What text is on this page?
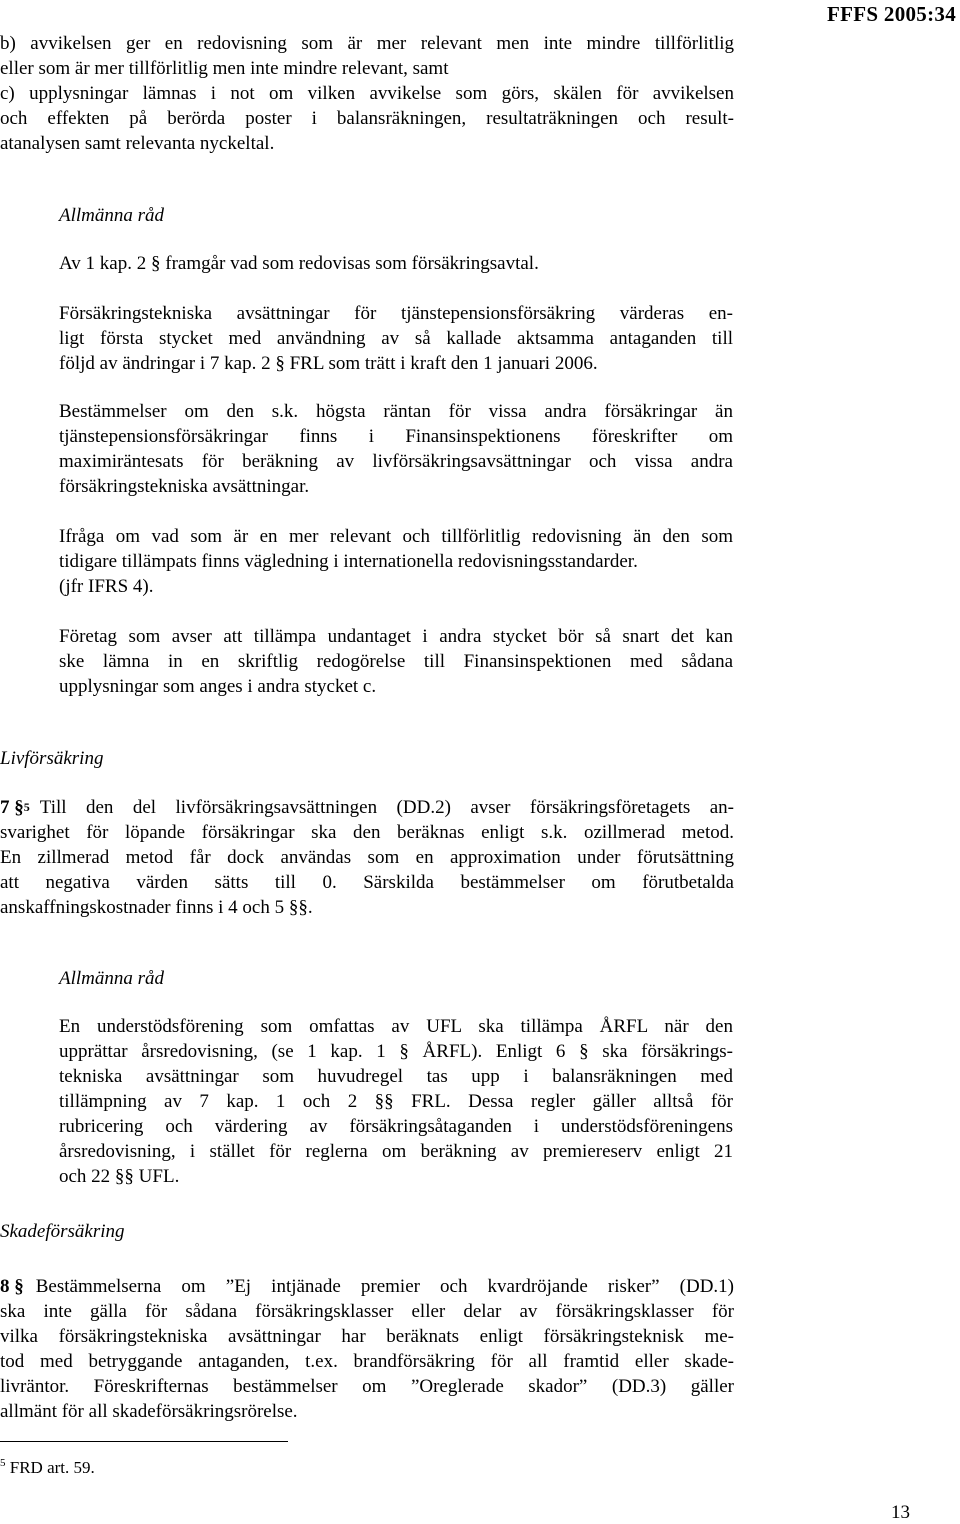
FFFS 2005:34
b) avvikelsen ger en redovisning som är mer relevant men inte mindre tillförlitlig
eller som är mer tillförlitlig men inte mindre relevant, samt
c) upplysningar lämnas i not om vilken avvikelse som görs, skälen för avvikelsen
och effekten på berörda poster i balansräkningen, resultaträkningen och result-
atanalysen samt relevanta nyckeltal.
Allmänna råd
Av 1 kap. 2 § framgår vad som redovisas som försäkringsavtal.
Försäkringstekniska avsättningar för tjänstepensionsförsäkring värderas en-
ligt första stycket med användning av så kallade aktsamma antaganden till
följd av ändringar i 7 kap. 2 § FRL som trätt i kraft den 1 januari 2006.
Bestämmelser om den s.k. högsta räntan för vissa andra försäkringar än
tjänstepensionsförsäkringar finns i Finansinspektionens föreskrifter om
maximiräntesats för beräkning av livförsäkringsavsättningar och vissa andra
försäkringstekniska avsättningar.
Ifråga om vad som är en mer relevant och tillförlitlig redovisning än den som
tidigare tillämpats finns vägledning i internationella redovisningsstandarder.
(jfr IFRS 4).
Företag som avser att tillämpa undantaget i andra stycket bör så snart det kan
ske lämna in en skriftlig redogörelse till Finansinspektionen med sådana
upplysningar som anges i andra stycket c.
Livförsäkring
7 § 5 Till den del livförsäkringsavsättningen (DD.2) avser försäkringsföretagets an-
svarighet för löpande försäkringar ska den beräknas enligt s.k. ozillmerad metod.
En zillmerad metod får dock användas som en approximation under förutsättning
att negativa värden sätts till 0. Särskilda bestämmelser om förutbetalda
anskaffningskostnader finns i 4 och 5 §§.
Allmänna råd
En understödsförening som omfattas av UFL ska tillämpa ÅRFL när den
upprättar årsredovisning, (se 1 kap. 1 § ÅRFL). Enligt 6 § ska försäkrings-
tekniska avsättningar som huvudregel tas upp i balansräkningen med
tillämpning av 7 kap. 1 och 2 §§ FRL. Dessa regler gäller alltså för
rubricering och värdering av försäkringsåtaganden i understödsföreningens
årsredovisning, i stället för reglerna om beräkning av premiereserv enligt 21
och 22 §§ UFL.
Skadeförsäkring
8 § Bestämmelserna om ”Ej intjänade premier och kvardröjande risker” (DD.1)
ska inte gälla för sådana försäkringsklasser eller delar av försäkringsklasser för
vilka försäkringstekniska avsättningar har beräknats enligt försäkringsteknisk me-
tod med betryggande antaganden, t.ex. brandförsäkring för all framtid eller skade-
livräntor. Föreskrifternas bestämmelser om ”Oreglerade skador” (DD.3) gäller
allmänt för all skadeförsäkringsrörelse.
$^5$ FRD art. 59.
13
